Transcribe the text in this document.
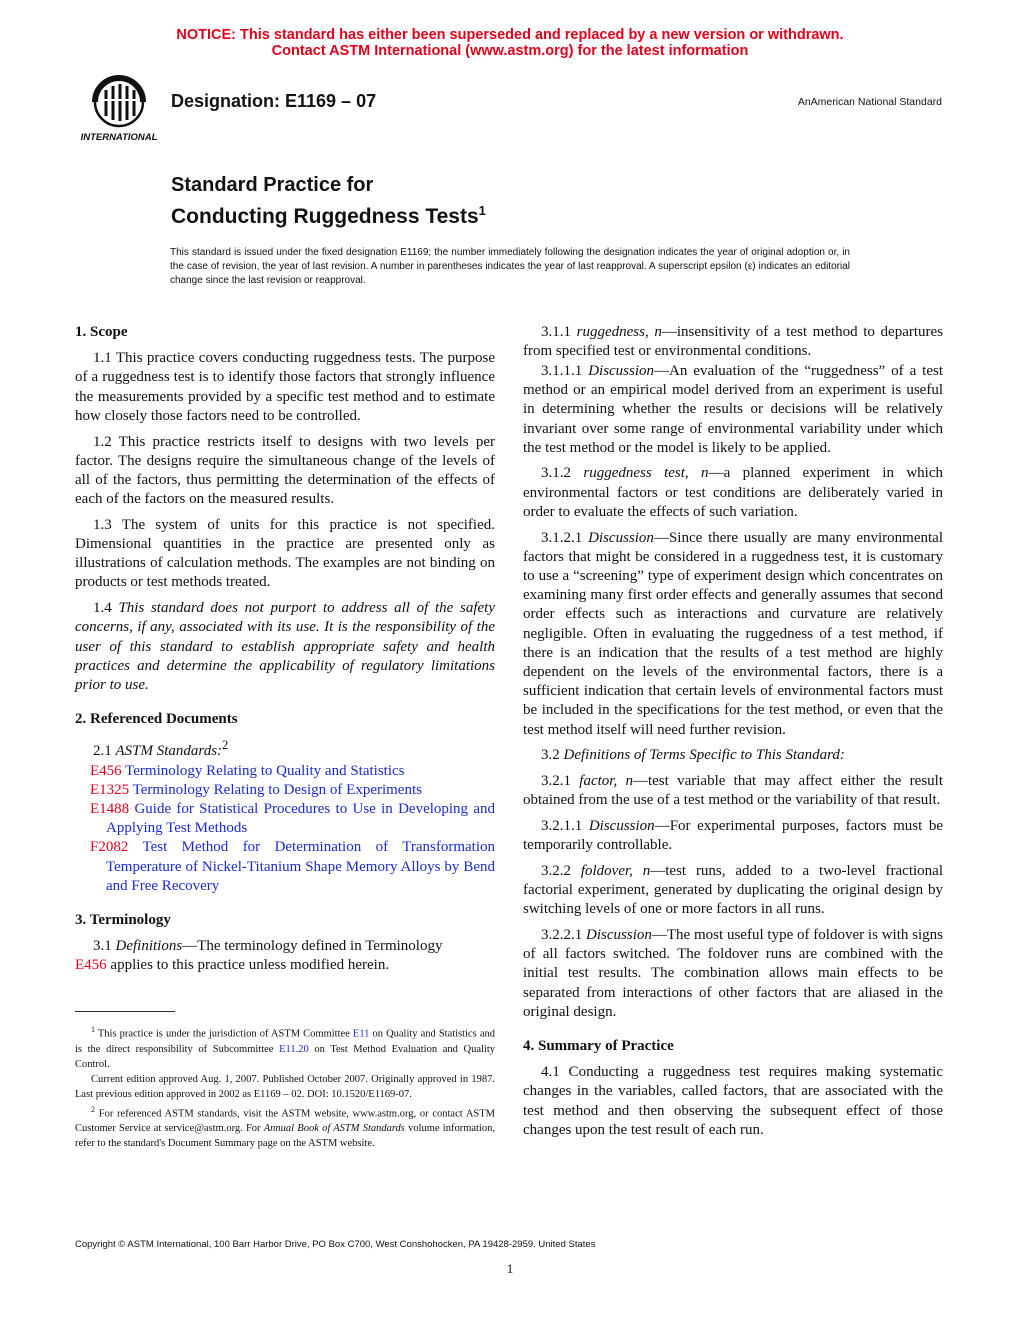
NOTICE: This standard has either been superseded and replaced by a new version or withdrawn.
Contact ASTM International (www.astm.org) for the latest information
INTERNATIONAL
Designation: E1169 – 07	AnAmerican National Standard
Standard Practice for
Conducting Ruggedness Tests$^1$
This standard is issued under the fixed designation E1169; the number immediately following the designation indicates the year of original adoption or, in the case of revision, the year of last revision. A number in parentheses indicates the year of last reapproval. A superscript epsilon (ε) indicates an editorial change since the last revision or reapproval.
1. Scope

1.1 This practice covers conducting ruggedness tests. The purpose of a ruggedness test is to identify those factors that strongly influence the measurements provided by a specific test method and to estimate how closely those factors need to be controlled.

1.2 This practice restricts itself to designs with two levels per factor. The designs require the simultaneous change of the levels of all of the factors, thus permitting the determination of the effects of each of the factors on the measured results.

1.3 The system of units for this practice is not specified. Dimensional quantities in the practice are presented only as illustrations of calculation methods. The examples are not binding on products or test methods treated.

1.4 This standard does not purport to address all of the safety concerns, if any, associated with its use. It is the responsibility of the user of this standard to establish appropriate safety and health practices and determine the applicability of regulatory limitations prior to use.

2. Referenced Documents

2.1 ASTM Standards:$^2$

E456 Terminology Relating to Quality and Statistics
E1325 Terminology Relating to Design of Experiments
E1488 Guide for Statistical Procedures to Use in Developing and Applying Test Methods
F2082 Test Method for Determination of Transformation Temperature of Nickel-Titanium Shape Memory Alloys by Bend and Free Recovery
3. Terminology

3.1 Definitions—The terminology defined in Terminology
E456 applies to this practice unless modified herein.

$^1$ This practice is under the jurisdiction of ASTM Committee E11 on Quality and Statistics and is the direct responsibility of Subcommittee E11.20 on Test Method Evaluation and Quality Control.

Current edition approved Aug. 1, 2007. Published October 2007. Originally approved in 1987. Last previous edition approved in 2002 as E1169 – 02. DOI: 10.1520/E1169-07.

$^2$ For referenced ASTM standards, visit the ASTM website, www.astm.org, or contact ASTM Customer Service at service@astm.org. For Annual Book of ASTM Standards volume information, refer to the standard's Document Summary page on the ASTM website.

3.1.1 ruggedness, n—insensitivity of a test method to departures from specified test or environmental conditions.

3.1.1.1 Discussion—An evaluation of the “ruggedness” of a test method or an empirical model derived from an experiment is useful in determining whether the results or decisions will be relatively invariant over some range of environmental variability under which the test method or the model is likely to be applied.

3.1.2 ruggedness test, n—a planned experiment in which environmental factors or test conditions are deliberately varied in order to evaluate the effects of such variation.

3.1.2.1 Discussion—Since there usually are many environmental factors that might be considered in a ruggedness test, it is customary to use a “screening” type of experiment design which concentrates on examining many first order effects and generally assumes that second order effects such as interactions and curvature are relatively negligible. Often in evaluating the ruggedness of a test method, if there is an indication that the results of a test method are highly dependent on the levels of the environmental factors, there is a sufficient indication that certain levels of environmental factors must be included in the specifications for the test method, or even that the test method itself will need further revision.

3.2 Definitions of Terms Specific to This Standard:

3.2.1 factor, n—test variable that may affect either the result obtained from the use of a test method or the variability of that result.

3.2.1.1 Discussion—For experimental purposes, factors must be temporarily controllable.

3.2.2 foldover, n—test runs, added to a two-level fractional factorial experiment, generated by duplicating the original design by switching levels of one or more factors in all runs.

3.2.2.1 Discussion—The most useful type of foldover is with signs of all factors switched. The foldover runs are combined with the initial test results. The combination allows main effects to be separated from interactions of other factors that are aliased in the original design.

4. Summary of Practice

4.1 Conducting a ruggedness test requires making systematic changes in the variables, called factors, that are associated with the test method and then observing the subsequent effect of those changes upon the test result of each run.

Copyright © ASTM International, 100 Barr Harbor Drive, PO Box C700, West Conshohocken, PA 19428-2959. United States
1
